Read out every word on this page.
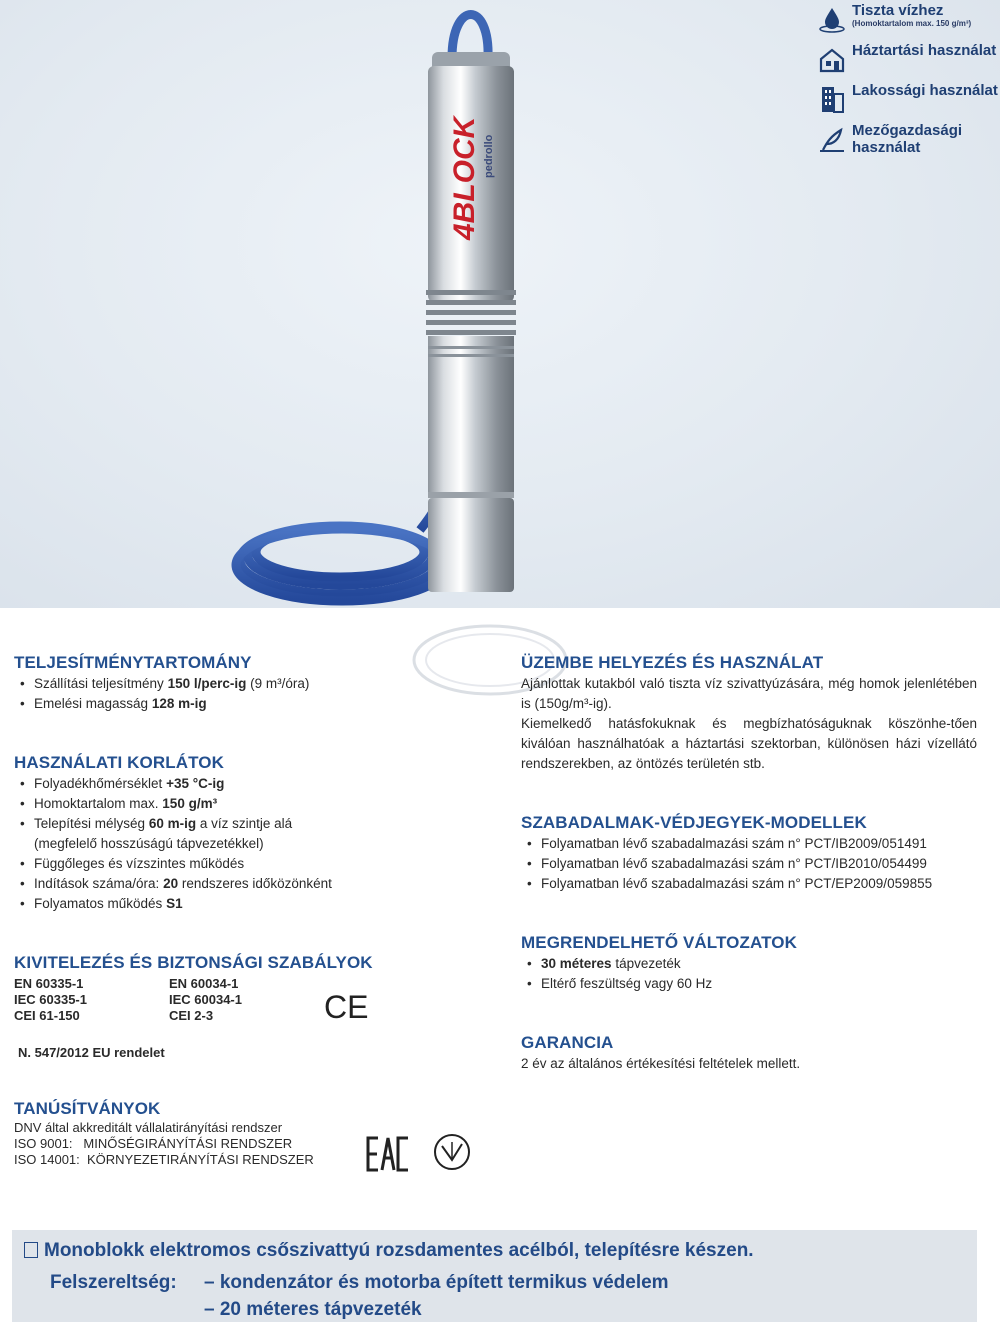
4BLOCK pedrollo
Tiszta vízhez
(Homoktartalom max. 150 g/m³)
Háztartási használat
Lakossági használat
Mezőgazdasági használat
TELJESÍTMÉNYTARTOMÁNY
• Szállítási teljesítmény 150 l/perc-ig (9 m³/óra)
• Emelési magasság 128 m-ig
HASZNÁLATI KORLÁTOK
• Folyadékhőmérséklet +35 °C-ig
• Homoktartalom max. 150 g/m³
• Telepítési mélység 60 m-ig a víz szintje alá
(megfelelő hosszúságú tápvezetékkel)
• Függőleges és vízszintes működés
• Indítások száma/óra: 20 rendszeres időközönként
• Folyamatos működés S1
KIVITELEZÉS ÉS BIZTONSÁGI SZABÁLYOK
EN 60335-1	EN 60034-1
IEC 60335-1	IEC 60034-1
CEI 61-150	CEI 2-3
TANÚSÍTVÁNYOK
DNV által akkreditált vállalatirányítási rendszer
ISO 9001:   MINŐSÉGIRÁNYÍTÁSI RENDSZER
ISO 14001:  KÖRNYEZETIRÁNYÍTÁSI RENDSZER
CE
N. 547/2012 EU rendelet
ÜZEMBE HELYEZÉS ÉS HASZNÁLAT

Ajánlottak kutakból való tiszta víz szivattyúzására, még homok jelenlétében is (150g/m³-ig).

Kiemelkedő hatásfokuknak és megbízhatóságuknak köszönhe-tően kiválóan használhatóak a háztartási szektorban, különösen házi vízellátó rendszerekben, az öntözés területén stb.

SZABADALMAK-VÉDJEGYEK-MODELLEK
• Folyamatban lévő szabadalmazási szám n° PCT/IB2009/051491
• Folyamatban lévő szabadalmazási szám n° PCT/IB2010/054499
• Folyamatban lévő szabadalmazási szám n° PCT/EP2009/059855
MEGRENDELHETŐ VÁLTOZATOK
• 30 méteres tápvezeték
• Eltérő feszültség vagy 60 Hz
GARANCIA

2 év az általános értékesítési feltételek mellett.

Monoblokk elektromos csőszivattyú rozsdamentes acélból, telepítésre készen.
Felszereltség: – kondenzátor és motorba épített termikus védelem
– 20 méteres tápvezeték
